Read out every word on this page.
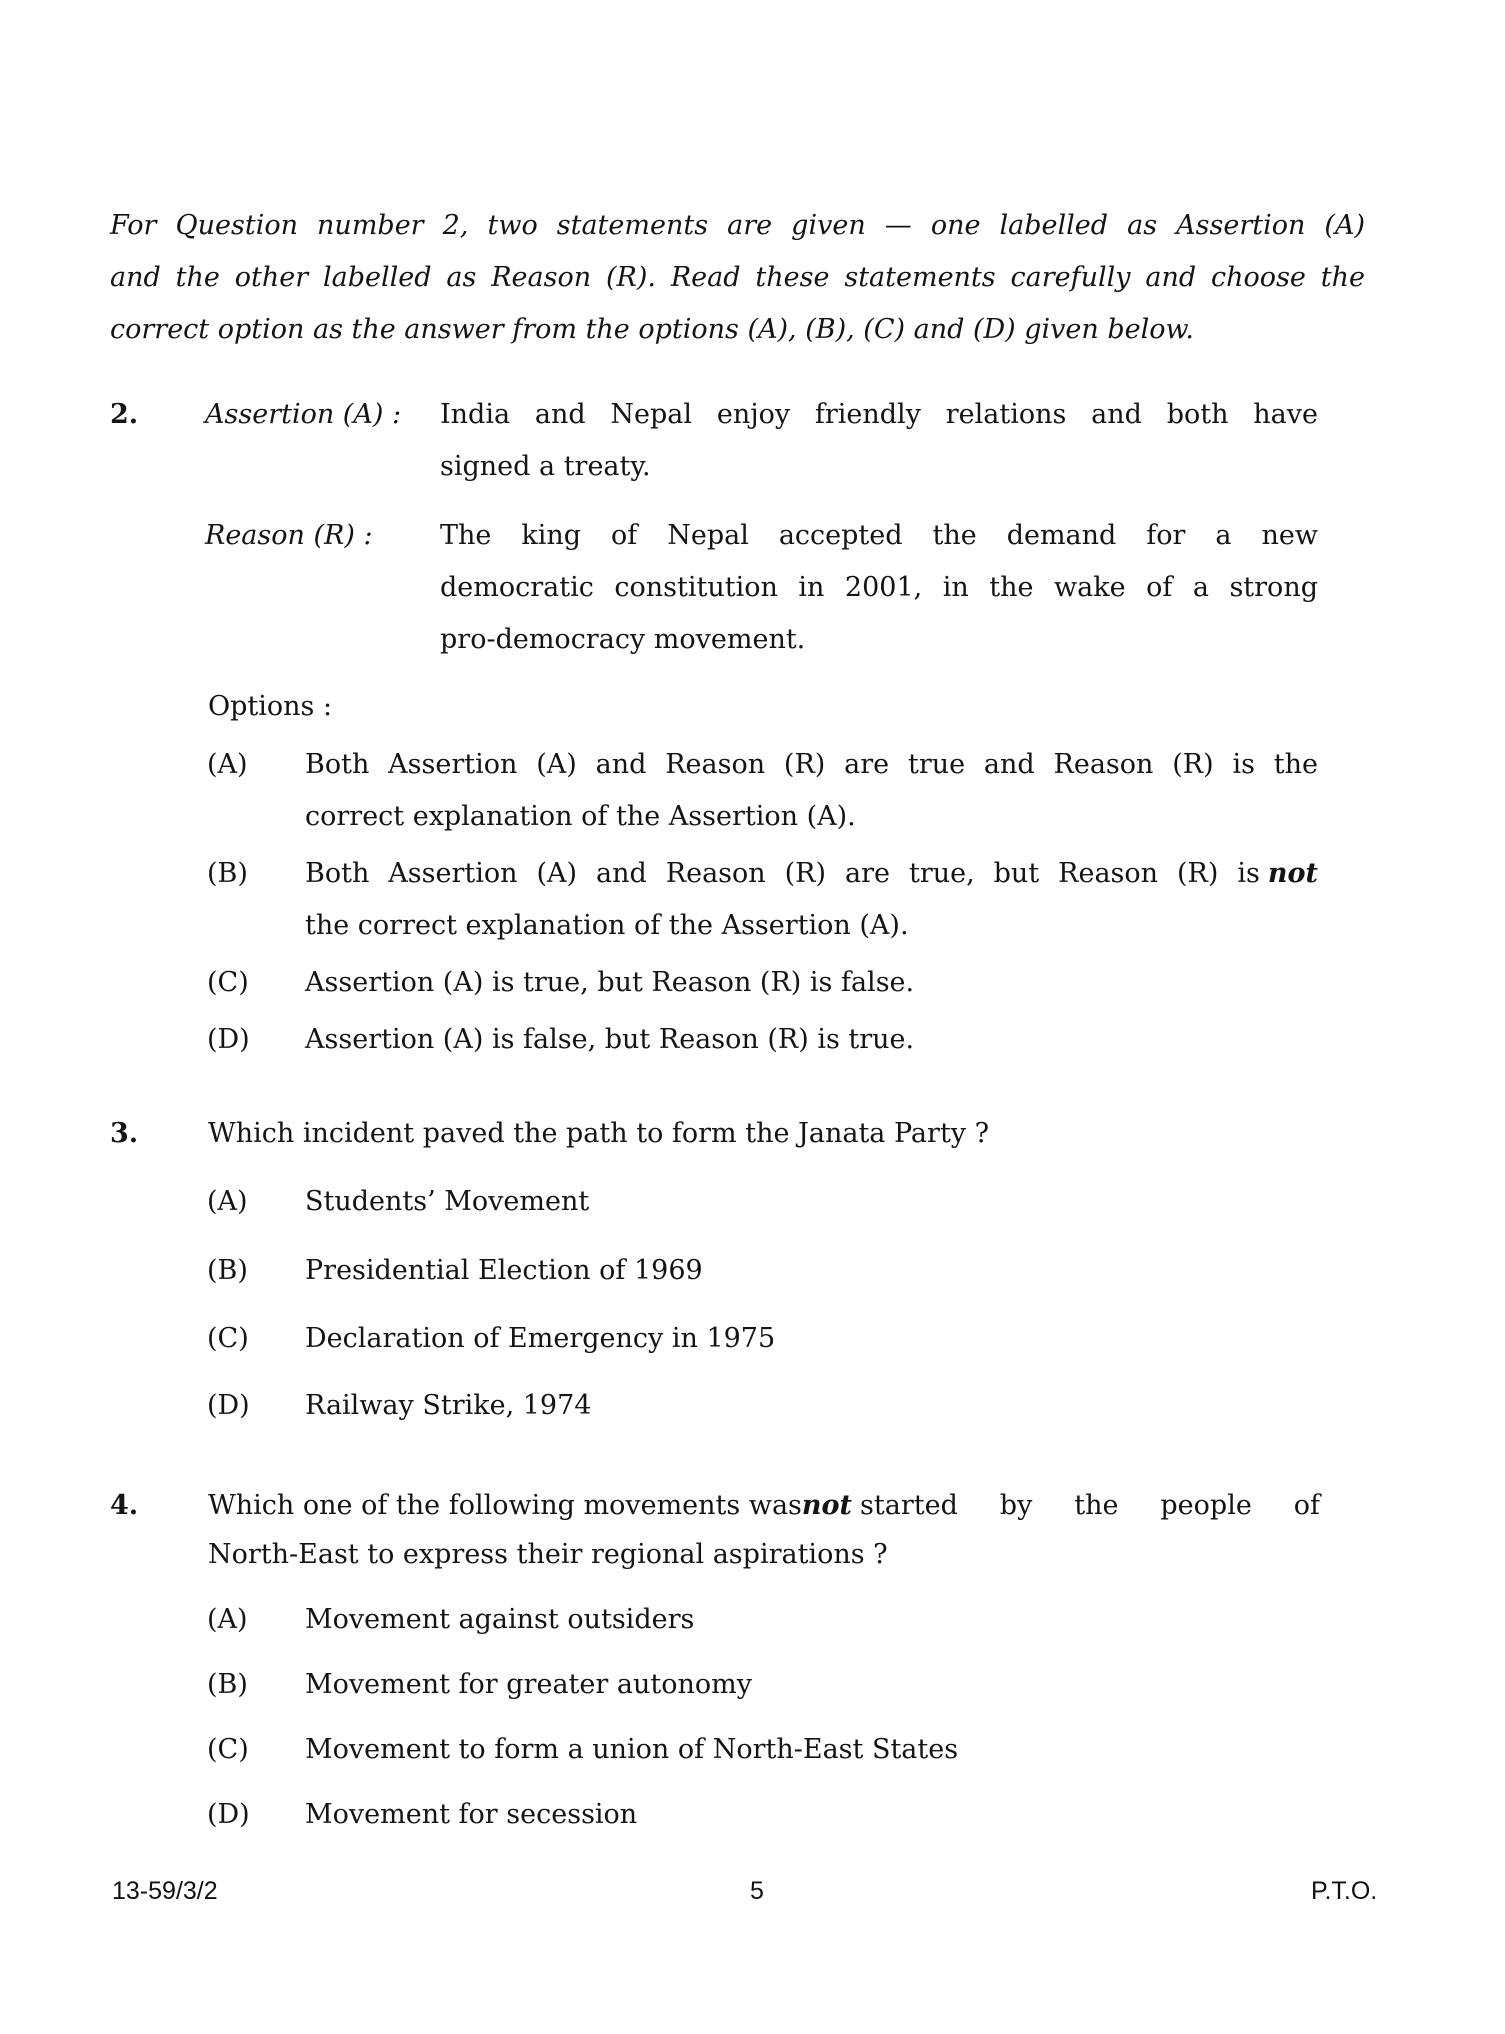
For Question number 2, two statements are given — one labelled as Assertion (A)
and the other labelled as Reason (R). Read these statements carefully and choose the
correct option as the answer from the options (A), (B), (C) and (D) given below.
2. Assertion (A) : India and Nepal enjoy friendly relations and both have
signed a treaty.
Reason (R) : The king of Nepal accepted the demand for a new
democratic constitution in 2001, in the wake of a strong
pro-democracy movement.
Options :
(A) Both Assertion (A) and Reason (R) are true and Reason (R) is the
correct explanation of the Assertion (A).
(B) Both Assertion (A) and Reason (R) are true, but Reason (R) is not
the correct explanation of the Assertion (A).
(C) Assertion (A) is true, but Reason (R) is false.
(D) Assertion (A) is false, but Reason (R) is true.
3.	Which incident paved the path to form the Janata Party ?
(A) Students’ Movement
(B) Presidential Election of 1969
(C) Declaration of Emergency in 1975
(D) Railway Strike, 1974
4.	Which one of the following movements was not started by the people of
North-East to express their regional aspirations ?
(A) Movement against outsiders
(B) Movement for greater autonomy
(C) Movement to form a union of North-East States
(D) Movement for secession
13-59/3/2	5	P.T.O.
